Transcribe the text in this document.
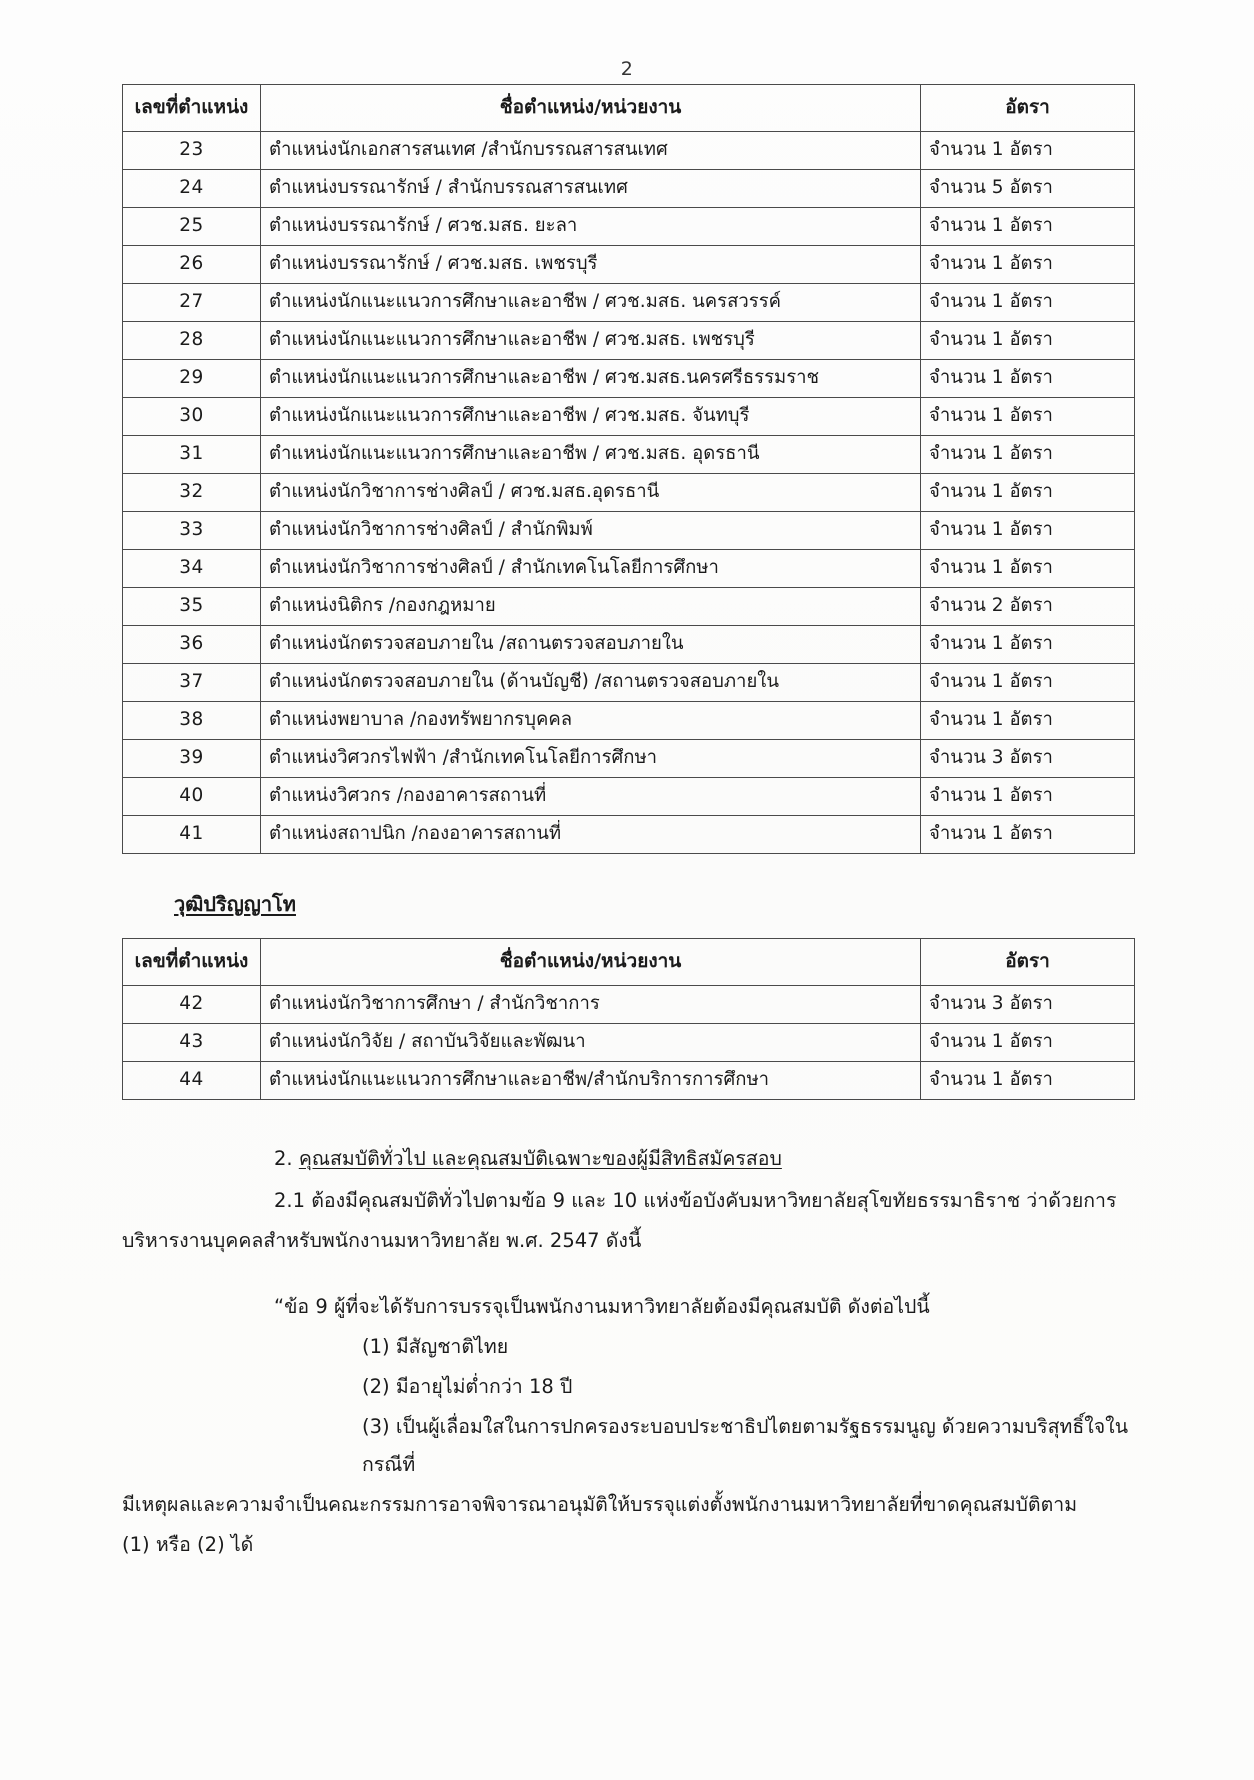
2
เลขที่ตำแหน่ง	ชื่อตำแหน่ง/หน่วยงาน	อัตรา
23	ตำแหน่งนักเอกสารสนเทศ /สำนักบรรณสารสนเทศ	จำนวน 1 อัตรา
24	ตำแหน่งบรรณารักษ์ / สำนักบรรณสารสนเทศ	จำนวน 5 อัตรา
25	ตำแหน่งบรรณารักษ์ / ศวช.มสธ. ยะลา	จำนวน 1 อัตรา
26	ตำแหน่งบรรณารักษ์ / ศวช.มสธ. เพชรบุรี	จำนวน 1 อัตรา
27	ตำแหน่งนักแนะแนวการศึกษาและอาชีพ / ศวช.มสธ. นครสวรรค์	จำนวน 1 อัตรา
28	ตำแหน่งนักแนะแนวการศึกษาและอาชีพ / ศวช.มสธ. เพชรบุรี	จำนวน 1 อัตรา
29	ตำแหน่งนักแนะแนวการศึกษาและอาชีพ / ศวช.มสธ.นครศรีธรรมราช	จำนวน 1 อัตรา
30	ตำแหน่งนักแนะแนวการศึกษาและอาชีพ / ศวช.มสธ. จันทบุรี	จำนวน 1 อัตรา
31	ตำแหน่งนักแนะแนวการศึกษาและอาชีพ / ศวช.มสธ. อุดรธานี	จำนวน 1 อัตรา
32	ตำแหน่งนักวิชาการช่างศิลป์ / ศวช.มสธ.อุดรธานี	จำนวน 1 อัตรา
33	ตำแหน่งนักวิชาการช่างศิลป์ / สำนักพิมพ์	จำนวน 1 อัตรา
34	ตำแหน่งนักวิชาการช่างศิลป์ / สำนักเทคโนโลยีการศึกษา	จำนวน 1 อัตรา
35	ตำแหน่งนิติกร /กองกฎหมาย	จำนวน 2 อัตรา
36	ตำแหน่งนักตรวจสอบภายใน /สถานตรวจสอบภายใน	จำนวน 1 อัตรา
37	ตำแหน่งนักตรวจสอบภายใน (ด้านบัญชี) /สถานตรวจสอบภายใน	จำนวน 1 อัตรา
38	ตำแหน่งพยาบาล /กองทรัพยากรบุคคล	จำนวน 1 อัตรา
39	ตำแหน่งวิศวกรไฟฟ้า /สำนักเทคโนโลยีการศึกษา	จำนวน 3 อัตรา
40	ตำแหน่งวิศวกร /กองอาคารสถานที่	จำนวน 1 อัตรา
41	ตำแหน่งสถาปนิก /กองอาคารสถานที่	จำนวน 1 อัตรา
วุฒิปริญญาโท
เลขที่ตำแหน่ง	ชื่อตำแหน่ง/หน่วยงาน	อัตรา
42	ตำแหน่งนักวิชาการศึกษา / สำนักวิชาการ	จำนวน 3 อัตรา
43	ตำแหน่งนักวิจัย / สถาบันวิจัยและพัฒนา	จำนวน 1 อัตรา
44	ตำแหน่งนักแนะแนวการศึกษาและอาชีพ/สำนักบริการการศึกษา	จำนวน 1 อัตรา
2. คุณสมบัติทั่วไป และคุณสมบัติเฉพาะของผู้มีสิทธิสมัครสอบ

2.1 ต้องมีคุณสมบัติทั่วไปตามข้อ 9 และ 10 แห่งข้อบังคับมหาวิทยาลัยสุโขทัยธรรมาธิราช ว่าด้วยการ

บริหารงานบุคคลสำหรับพนักงานมหาวิทยาลัย พ.ศ. 2547 ดังนี้

“ข้อ 9 ผู้ที่จะได้รับการบรรจุเป็นพนักงานมหาวิทยาลัยต้องมีคุณสมบัติ ดังต่อไปนี้

(1) มีสัญชาติไทย

(2) มีอายุไม่ต่ำกว่า 18 ปี

(3) เป็นผู้เลื่อมใสในการปกครองระบอบประชาธิปไตยตามรัฐธรรมนูญ ด้วยความบริสุทธิ์ใจในกรณีที่

มีเหตุผลและความจำเป็นคณะกรรมการอาจพิจารณาอนุมัติให้บรรจุแต่งตั้งพนักงานมหาวิทยาลัยที่ขาดคุณสมบัติตาม

(1) หรือ (2) ได้
